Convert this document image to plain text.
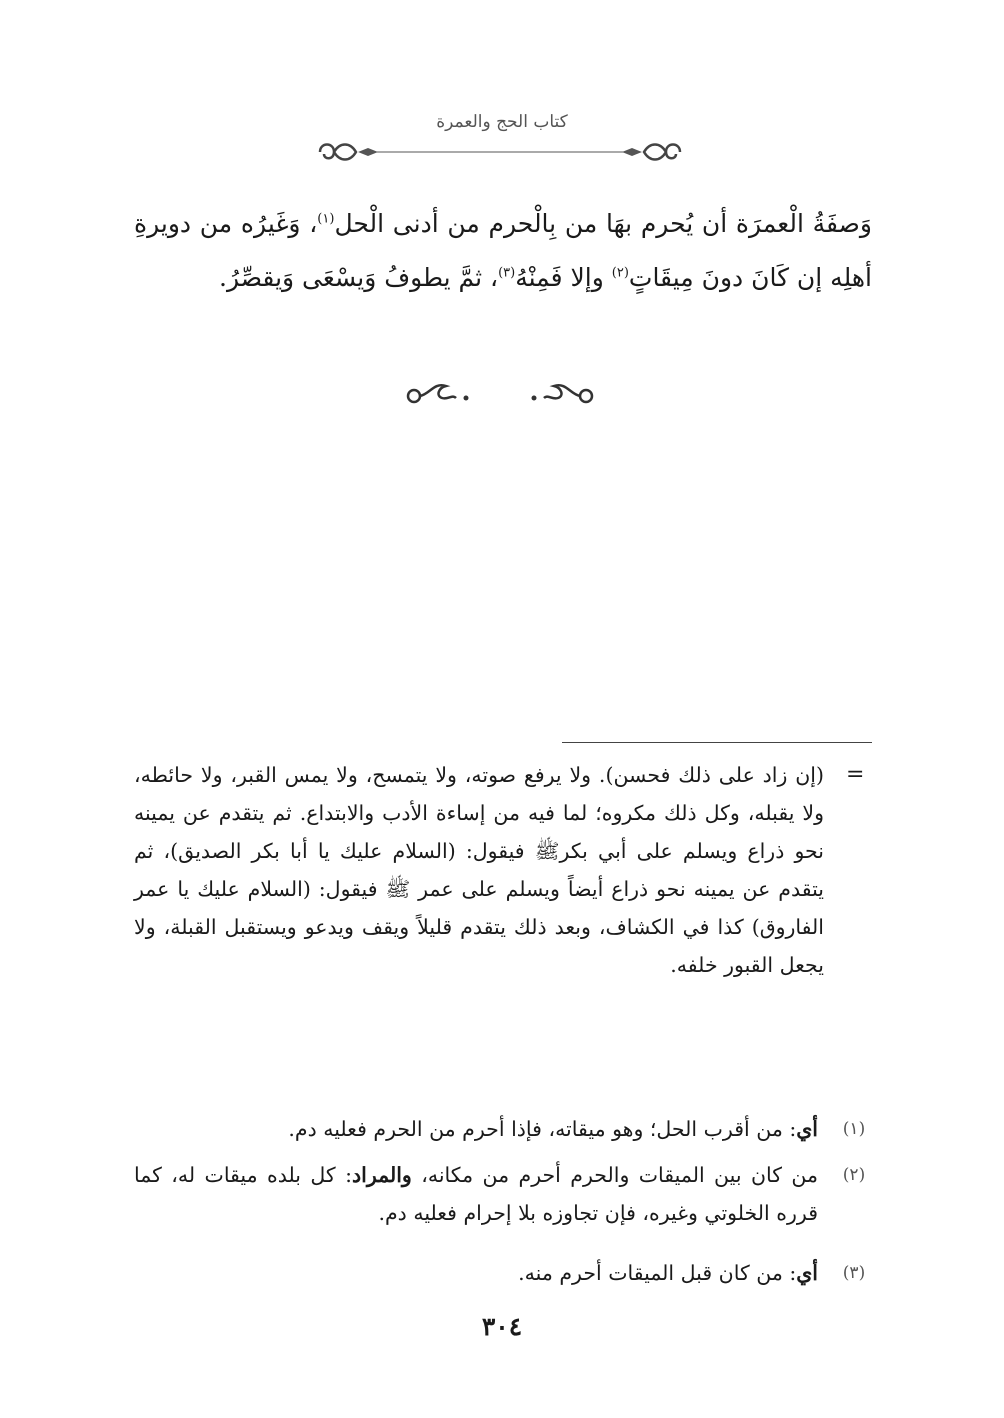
كتاب الحج والعمرة
وَصفَةُ الْعمرَة أن يُحرم بهَا من بِالْحرم من أدنى الْحل$^{(١)}$، وَغَيرُه من دويرةِ أهلِه إن كَانَ دونَ مِيقَاتٍ$^{(٢)}$ وإلا فَمِنْهُ$^{(٣)}$، ثمَّ يطوفُ وَيسْعَى وَيقصِّرُ.
=
(إن زاد على ذلك فحسن). ولا يرفع صوته، ولا يتمسح، ولا يمس القبر، ولا حائطه، ولا يقبله، وكل ذلك مكروه؛ لما فيه من إساءة الأدب والابتداع. ثم يتقدم عن يمينه نحو ذراع ويسلم على أبي بكرﷺ فيقول: (السلام عليك يا أبا بكر الصديق)، ثم يتقدم عن يمينه نحو ذراع أيضاً ويسلم على عمر ﷺ فيقول: (السلام عليك يا عمر الفاروق) كذا في الكشاف، وبعد ذلك يتقدم قليلاً ويقف ويدعو ويستقبل القبلة، ولا يجعل القبور خلفه.
(١)
أي: من أقرب الحل؛ وهو ميقاته، فإذا أحرم من الحرم فعليه دم.
(٢)
من كان بين الميقات والحرم أحرم من مكانه، والمراد: كل بلده ميقات له، كما قرره الخلوتي وغيره، فإن تجاوزه بلا إحرام فعليه دم.
(٣)
أي: من كان قبل الميقات أحرم منه.
٣٠٤
